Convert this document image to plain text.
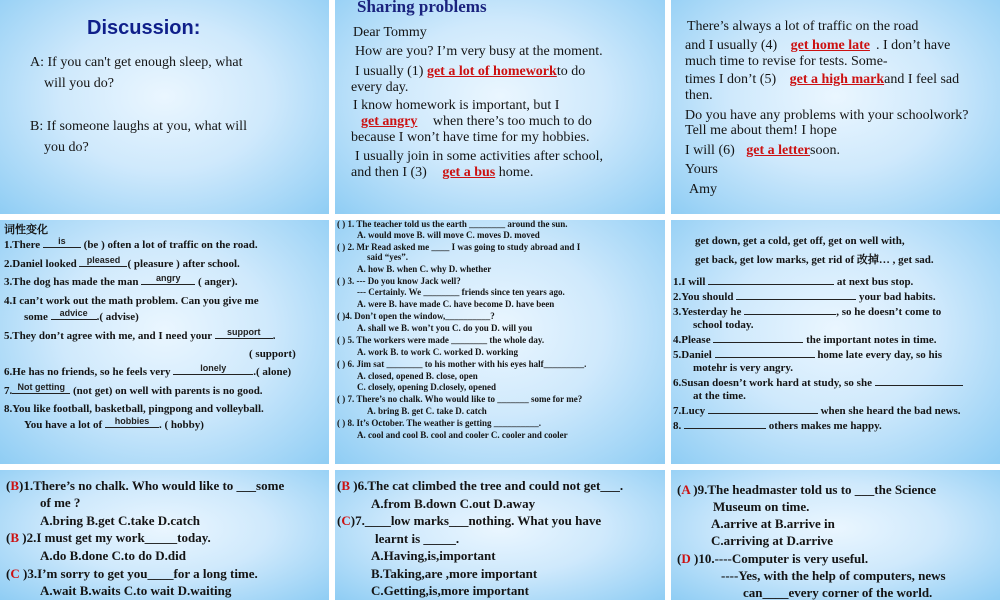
Discussion:
A: If you can't get enough sleep, what
will you do?
B: If someone laughs at you, what will
you do?
Sharing problems
Dear Tommy
How are you? I’m very busy at the moment.
I usually (1) get a lot of homeworkto do
every day.
I know homework is important, but I
get angry when there’s too much to do
because I won’t have time for my hobbies.
I usually join in some activities after school,
and then I (3) get a bus home.
There’s always a lot of traffic on the road
and I usually (4) get home late . I don’t have
much time to revise for tests. Some-
times I don’t (5) get a high markand I feel sad
then.
Do you have any problems with your schoolwork?
Tell me about them! I hope
I will (6) get a lettersoon.
Yours
Amy
词性变化
1.There	is	(be ) often a lot of traffic on the road.
2.Daniel looked pleased ( pleasure ) after school.
3.The dog has made the man	angry	( anger).
4.I can’t work out the math problem. Can you give me
some advice .( advise)
5.They don’t agree with me, and I need your	support	.
( support)
6.He has no friends, so he feels very	lonely	.( alone)
7. Not getting (not get) on well with parents is no good.
8.You like football, basketball, pingpong and volleyball.
You have a lot of	hobbies . ( hobby)
( ) 1. The teacher told us the earth ________ around the sun.
A. would move B. will move C. moves D. moved
( ) 2. Mr Read asked me ____ I was going to study abroad and I
said “yes”.
A. how B. when C. why D. whether
( ) 3. --- Do you know Jack well?
--- Certainly. We ________ friends since ten years ago.
A. were B. have made C. have become D. have been
( )4. Don’t open the window,__________?
A. shall we B. won’t you C. do you D. will you
( ) 5. The workers were made ________ the whole day.
A. work B. to work C. worked D. working
( ) 6. Jim sat ________ to his mother with his eyes half_________.
A. closed, opened B. close, open
C. closely, opening D.closely, opened
( ) 7. There’s no chalk. Who would like to _______ some for me?
A. bring B. get C. take D. catch
( ) 8. It’s October. The weather is getting __________.
A. cool and cool B. cool and cooler C. cooler and cooler
get down, get a cold, get off, get on well with,
get back, get low marks, get rid of 改掉… , get sad.
1.I will	at next bus stop.
2.You should	your bad habits.
3.Yesterday he	, so he doesn’t come to
school today.
4.Please	the important notes in time.
5.Daniel	home late every day, so his
motehr is very angry.
6.Susan doesn’t work hard at study, so she
at the time.
7.Lucy	when she heard the bad news.
8.	others makes me happy.
(B)1.There’s no chalk. Who would like to ___some
of me ?
A.bring B.get C.take D.catch
(B )2.I must get my work_____today.
A.do B.done C.to do D.did
(C )3.I’m sorry to get you____for a long time.
A.wait B.waits C.to wait D.waiting
(B )6.The cat climbed the tree and could not get___.
A.from B.down C.out D.away
(C)7.____low marks___nothing. What you have
learnt is _____.
A.Having,is,important
B.Taking,are ,more important
C.Getting,is,more important
(A )9.The headmaster told us to ___the Science
Museum on time.
A.arrive at B.arrive in
C.arriving at D.arrive
(D )10.----Computer is very useful.
----Yes, with the help of computers, news
can____every corner of the world.
